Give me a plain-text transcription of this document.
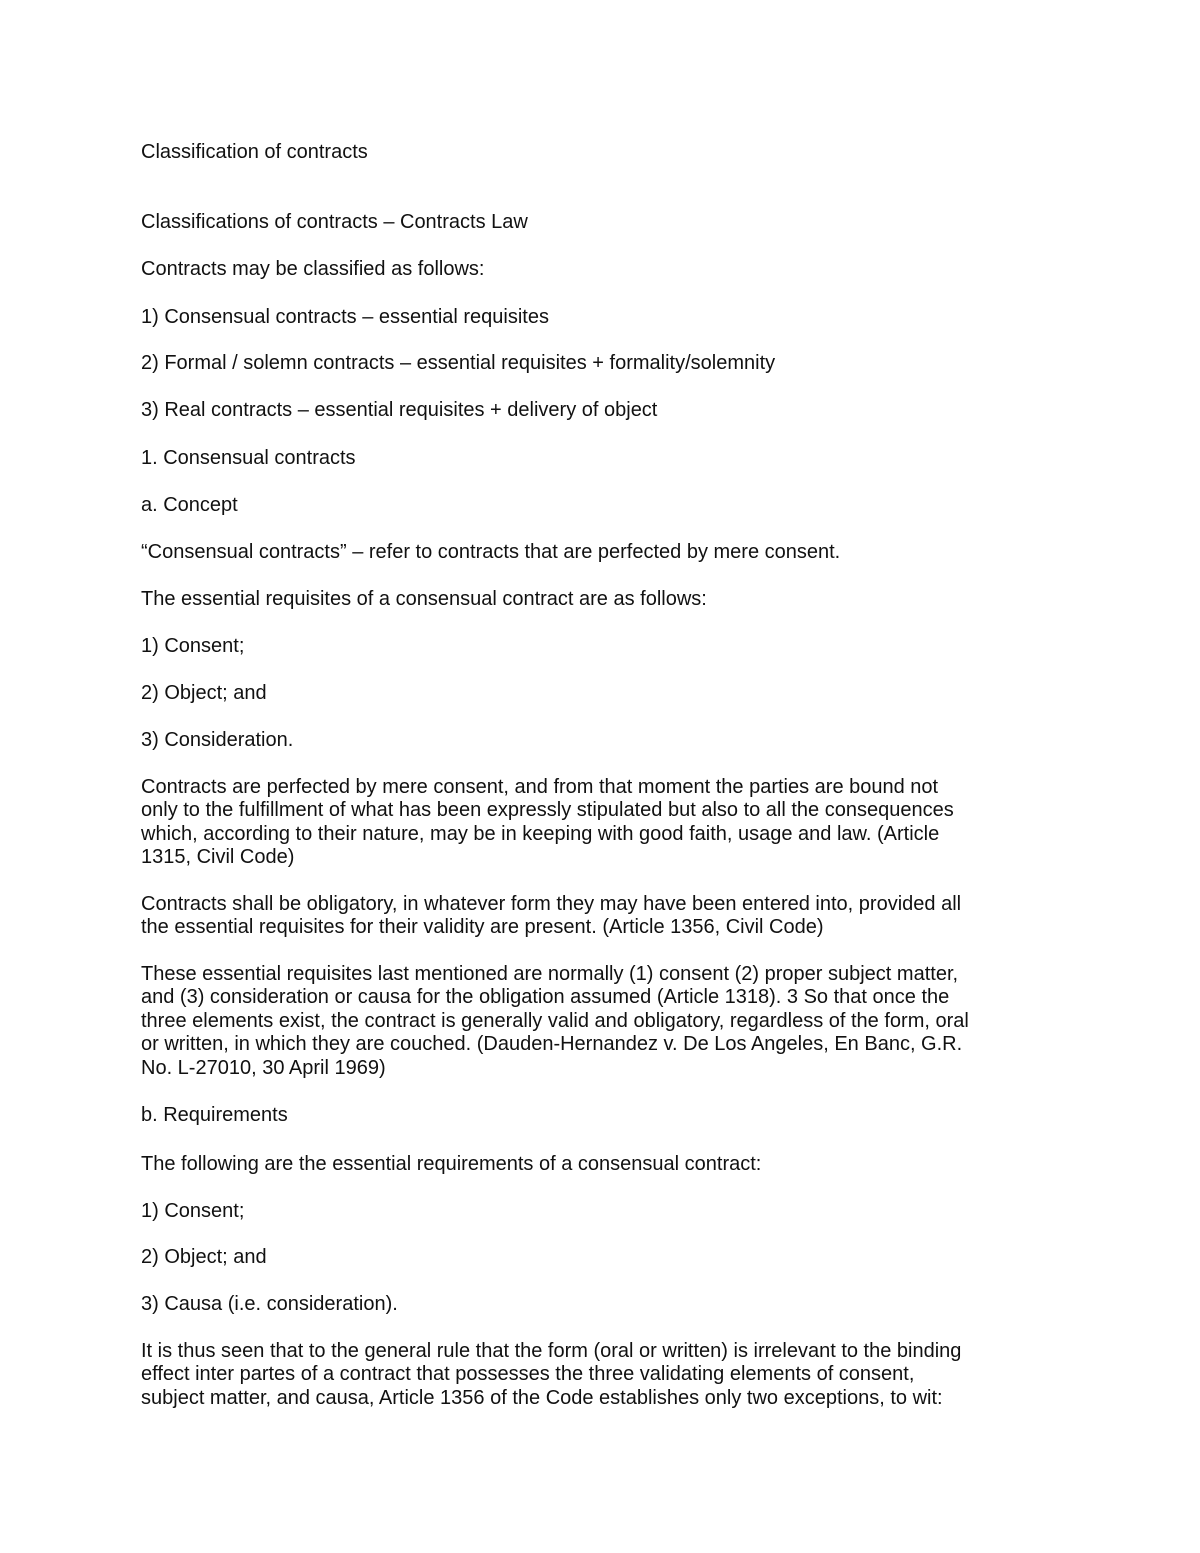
Classification of contracts

Classifications of contracts – Contracts Law

Contracts may be classified as follows:

1) Consensual contracts – essential requisites

2) Formal / solemn contracts – essential requisites + formality/solemnity

3) Real contracts – essential requisites + delivery of object

1. Consensual contracts

a. Concept

“Consensual contracts” – refer to contracts that are perfected by mere consent.

The essential requisites of a consensual contract are as follows:

1) Consent;

2) Object; and

3) Consideration.

Contracts are perfected by mere consent, and from that moment the parties are bound not
only to the fulfillment of what has been expressly stipulated but also to all the consequences
which, according to their nature, may be in keeping with good faith, usage and law. (Article
1315, Civil Code)
Contracts shall be obligatory, in whatever form they may have been entered into, provided all
the essential requisites for their validity are present. (Article 1356, Civil Code)
These essential requisites last mentioned are normally (1) consent (2) proper subject matter,
and (3) consideration or causa for the obligation assumed (Article 1318). 3 So that once the
three elements exist, the contract is generally valid and obligatory, regardless of the form, oral
or written, in which they are couched. (Dauden-Hernandez v. De Los Angeles, En Banc, G.R.
No. L-27010, 30 April 1969)

b. Requirements

The following are the essential requirements of a consensual contract:

1) Consent;

2) Object; and

3) Causa (i.e. consideration).

It is thus seen that to the general rule that the form (oral or written) is irrelevant to the binding
effect inter partes of a contract that possesses the three validating elements of consent,
subject matter, and causa, Article 1356 of the Code establishes only two exceptions, to wit:
